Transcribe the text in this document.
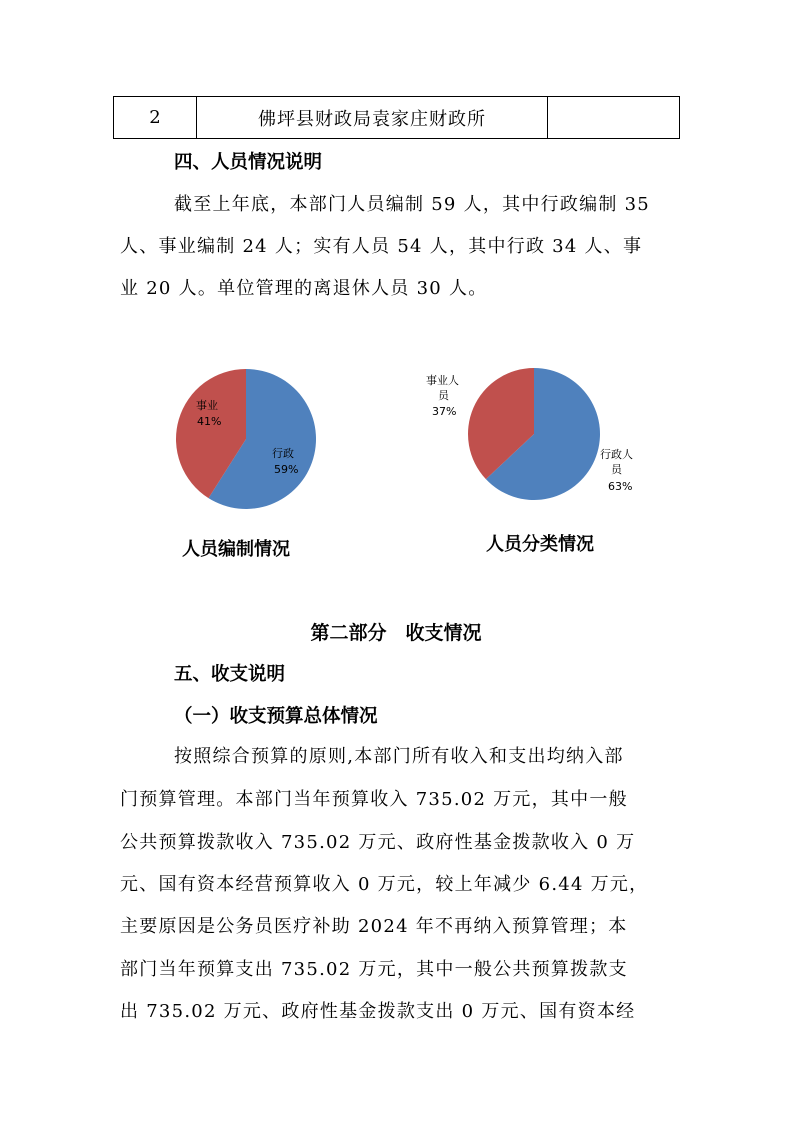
2	佛坪县财政局袁家庄财政所	
四、人员情况说明
截至上年底，本部门人员编制 59 人，其中行政编制 35
人、事业编制 24 人；实有人员 54 人，其中行政 34 人、事
业 20 人。单位管理的离退休人员 30 人。
行政
59%
事业
41%
人员编制情况
行政人
员
63%
事业人
员
37%
人员分类情况
第二部分　收支情况
五、收支说明
（一）收支预算总体情况
按照综合预算的原则,本部门所有收入和支出均纳入部
门预算管理。本部门当年预算收入 735.02 万元，其中一般
公共预算拨款收入 735.02 万元、政府性基金拨款收入 0 万
元、国有资本经营预算收入 0 万元，较上年减少 6.44 万元，
主要原因是公务员医疗补助 2024 年不再纳入预算管理；本
部门当年预算支出 735.02 万元，其中一般公共预算拨款支
出 735.02 万元、政府性基金拨款支出 0 万元、国有资本经
